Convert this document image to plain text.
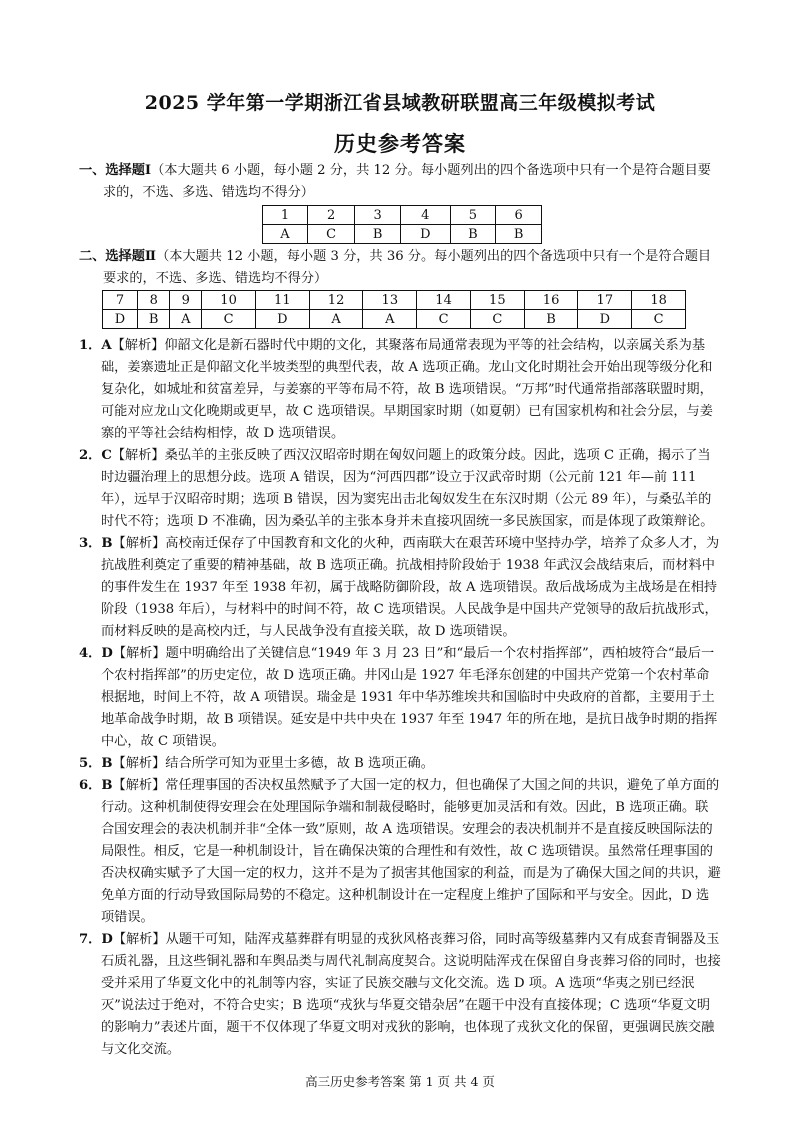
2025 学年第一学期浙江省县域教研联盟高三年级模拟考试
历史参考答案
一、选择题Ⅰ（本大题共 6 小题，每小题 2 分，共 12 分。每小题列出的四个备选项中只有一个是符合题目要求的，不选、多选、错选均不得分）
1	2	3	4	5	6
A	C	B	D	B	B
二、选择题Ⅱ（本大题共 12 小题，每小题 3 分，共 36 分。每小题列出的四个备选项中只有一个是符合题目要求的，不选、多选、错选均不得分）
7	8	9	10	11	12	13	14	15	16	17	18
D	B	A	C	D	A	A	C	C	B	D	C

1．A【解析】仰韶文化是新石器时代中期的文化，其聚落布局通常表现为平等的社会结构，以亲属关系为基础，姜寨遗址正是仰韶文化半坡类型的典型代表，故 A 选项正确。龙山文化时期社会开始出现等级分化和复杂化，如城址和贫富差异，与姜寨的平等布局不符，故 B 选项错误。“万邦”时代通常指部落联盟时期，可能对应龙山文化晚期或更早，故 C 选项错误。早期国家时期（如夏朝）已有国家机构和社会分层，与姜寨的平等社会结构相悖，故 D 选项错误。

2．C【解析】桑弘羊的主张反映了西汉汉昭帝时期在匈奴问题上的政策分歧。因此，选项 C 正确，揭示了当时边疆治理上的思想分歧。选项 A 错误，因为“河西四郡”设立于汉武帝时期（公元前 121 年—前 111 年），远早于汉昭帝时期；选项 B 错误，因为窦宪出击北匈奴发生在东汉时期（公元 89 年），与桑弘羊的时代不符；选项 D 不准确，因为桑弘羊的主张本身并未直接巩固统一多民族国家，而是体现了政策辩论。

3．B【解析】高校南迁保存了中国教育和文化的火种，西南联大在艰苦环境中坚持办学，培养了众多人才，为抗战胜利奠定了重要的精神基础，故 B 选项正确。抗战相持阶段始于 1938 年武汉会战结束后，而材料中的事件发生在 1937 年至 1938 年初，属于战略防御阶段，故 A 选项错误。敌后战场成为主战场是在相持阶段（1938 年后），与材料中的时间不符，故 C 选项错误。人民战争是中国共产党领导的敌后抗战形式，而材料反映的是高校内迁，与人民战争没有直接关联，故 D 选项错误。

4．D【解析】题中明确给出了关键信息“1949 年 3 月 23 日”和“最后一个农村指挥部”，西柏坡符合“最后一个农村指挥部”的历史定位，故 D 选项正确。井冈山是 1927 年毛泽东创建的中国共产党第一个农村革命根据地，时间上不符，故 A 项错误。瑞金是 1931 年中华苏维埃共和国临时中央政府的首都，主要用于土地革命战争时期，故 B 项错误。延安是中共中央在 1937 年至 1947 年的所在地，是抗日战争时期的指挥中心，故 C 项错误。

5．B【解析】结合所学可知为亚里士多德，故 B 选项正确。

6．B【解析】常任理事国的否决权虽然赋予了大国一定的权力，但也确保了大国之间的共识，避免了单方面的行动。这种机制使得安理会在处理国际争端和制裁侵略时，能够更加灵活和有效。因此，B 选项正确。联合国安理会的表决机制并非“全体一致”原则，故 A 选项错误。安理会的表决机制并不是直接反映国际法的局限性。相反，它是一种机制设计，旨在确保决策的合理性和有效性，故 C 选项错误。虽然常任理事国的否决权确实赋予了大国一定的权力，这并不是为了损害其他国家的利益，而是为了确保大国之间的共识，避免单方面的行动导致国际局势的不稳定。这种机制设计在一定程度上维护了国际和平与安全。因此，D 选项错误。

7．D【解析】从题干可知，陆浑戎墓葬群有明显的戎狄风格丧葬习俗，同时高等级墓葬内又有成套青铜器及玉石质礼器，且这些铜礼器和车舆品类与周代礼制高度契合。这说明陆浑戎在保留自身丧葬习俗的同时，也接受并采用了华夏文化中的礼制等内容，实证了民族交融与文化交流。选 D 项。A 选项“华夷之别已经泯灭”说法过于绝对，不符合史实；B 选项“戎狄与华夏交错杂居”在题干中没有直接体现；C 选项“华夏文明的影响力”表述片面，题干不仅体现了华夏文明对戎狄的影响，也体现了戎狄文化的保留，更强调民族交融与文化交流。

高三历史参考答案 第 1 页 共 4 页
